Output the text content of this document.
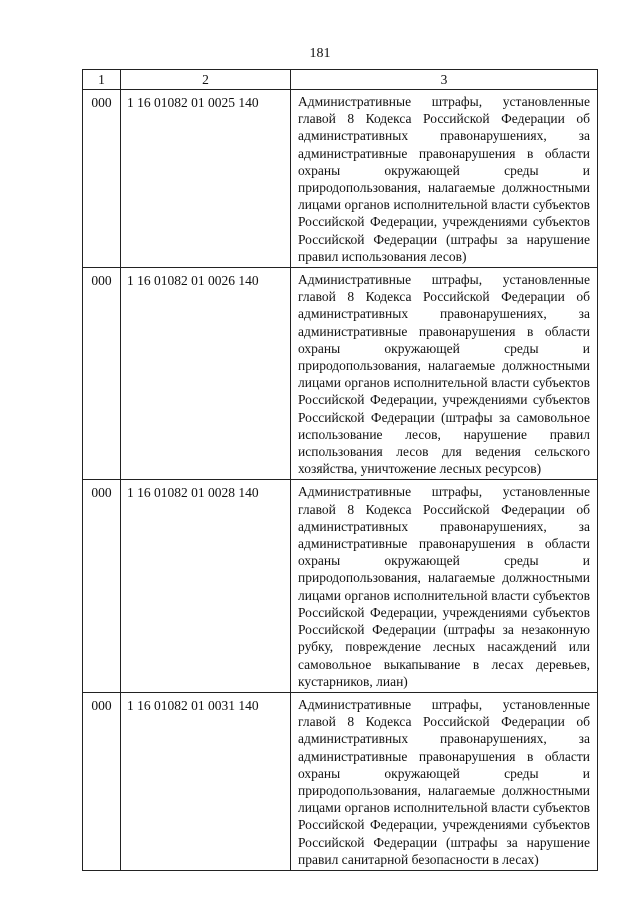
181
1	2	3
000	1 16 01082 01 0025 140	Административные штрафы, установленные главой 8 Кодекса Российской Федерации об административных правонарушениях, за административные правонарушения в области охраны окружающей среды и природопользования, налагаемые должностными лицами органов исполнительной власти субъектов Российской Федерации, учреждениями субъектов Российской Федерации (штрафы за нарушение правил использования лесов)
000	1 16 01082 01 0026 140	Административные штрафы, установленные главой 8 Кодекса Российской Федерации об административных правонарушениях, за административные правонарушения в области охраны окружающей среды и природопользования, налагаемые должностными лицами органов исполнительной власти субъектов Российской Федерации, учреждениями субъектов Российской Федерации (штрафы за самовольное использование лесов, нарушение правил использования лесов для ведения сельского хозяйства, уничтожение лесных ресурсов)
000	1 16 01082 01 0028 140	Административные штрафы, установленные главой 8 Кодекса Российской Федерации об административных правонарушениях, за административные правонарушения в области охраны окружающей среды и природопользования, налагаемые должностными лицами органов исполнительной власти субъектов Российской Федерации, учреждениями субъектов Российской Федерации (штрафы за незаконную рубку, повреждение лесных насаждений или самовольное выкапывание в лесах деревьев, кустарников, лиан)
000	1 16 01082 01 0031 140	Административные штрафы, установленные главой 8 Кодекса Российской Федерации об административных правонарушениях, за административные правонарушения в области охраны окружающей среды и природопользования, налагаемые должностными лицами органов исполнительной власти субъектов Российской Федерации, учреждениями субъектов Российской Федерации (штрафы за нарушение правил санитарной безопасности в лесах)
